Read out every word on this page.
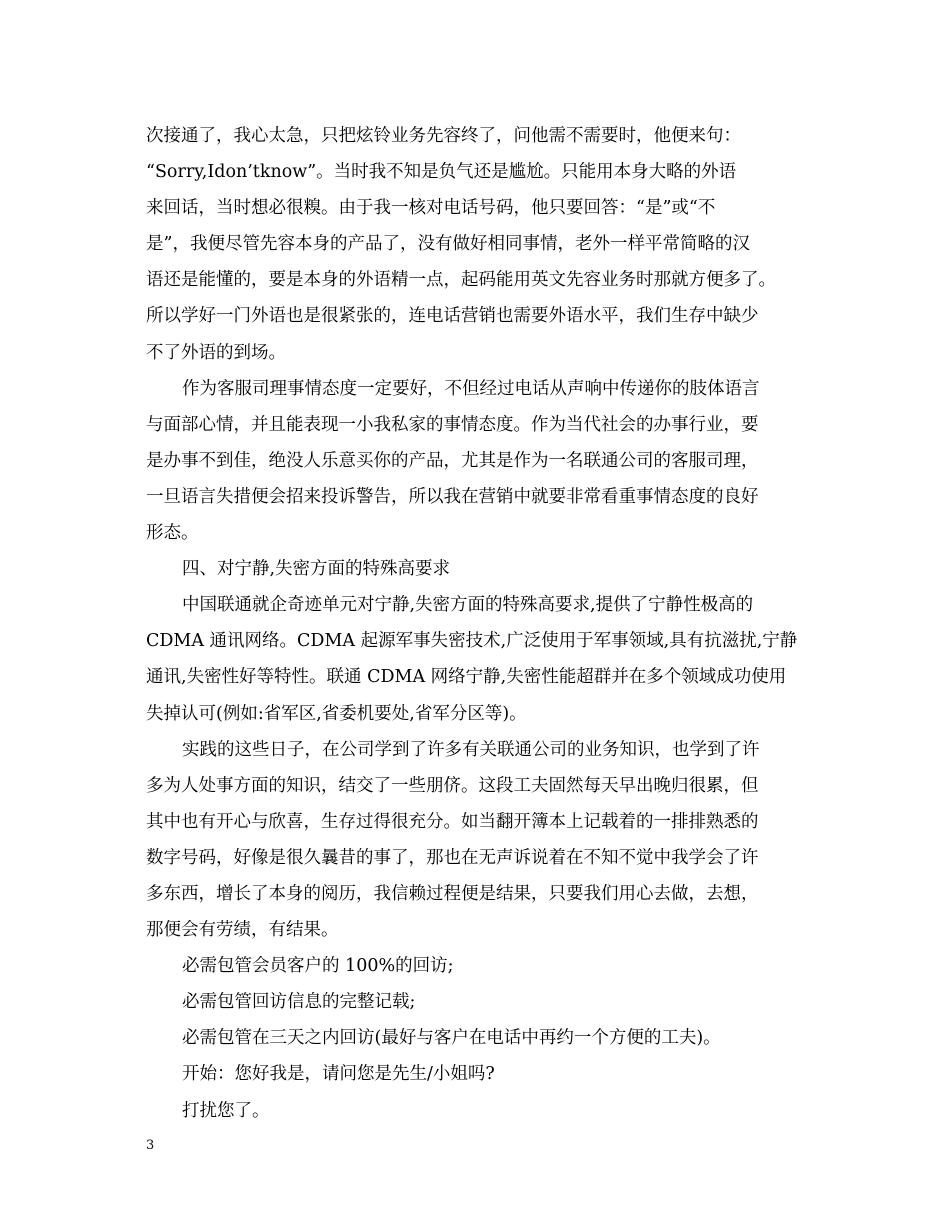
次接通了，我心太急，只把炫铃业务先容终了，问他需不需要时，他便来句：
“Sorry,Idon’tknow”。当时我不知是负气还是尴尬。只能用本身大略的外语
来回话，当时想必很糗。由于我一核对电话号码，他只要回答：“是”或“不
是”，我便尽管先容本身的产品了，没有做好相同事情，老外一样平常简略的汉
语还是能懂的，要是本身的外语精一点，起码能用英文先容业务时那就方便多了。
所以学好一门外语也是很紧张的，连电话营销也需要外语水平，我们生存中缺少
不了外语的到场。
作为客服司理事情态度一定要好，不但经过电话从声响中传递你的肢体语言
与面部心情，并且能表现一小我私家的事情态度。作为当代社会的办事行业，要
是办事不到佳，绝没人乐意买你的产品，尤其是作为一名联通公司的客服司理，
一旦语言失措便会招来投诉警告，所以我在营销中就要非常看重事情态度的良好
形态。
四、对宁静,失密方面的特殊高要求
中国联通就企奇迹单元对宁静,失密方面的特殊高要求,提供了宁静性极高的
CDMA 通讯网络。CDMA 起源军事失密技术,广泛使用于军事领域,具有抗滋扰,宁静
通讯,失密性好等特性。联通 CDMA 网络宁静,失密性能超群并在多个领域成功使用
失掉认可(例如:省军区,省委机要处,省军分区等)。
实践的这些日子，在公司学到了许多有关联通公司的业务知识，也学到了许
多为人处事方面的知识，结交了一些朋侪。这段工夫固然每天早出晚归很累，但
其中也有开心与欣喜，生存过得很充分。如当翻开簿本上记载着的一排排熟悉的
数字号码，好像是很久曩昔的事了，那也在无声诉说着在不知不觉中我学会了许
多东西，增长了本身的阅历，我信赖过程便是结果，只要我们用心去做，去想，
那便会有劳绩，有结果。
必需包管会员客户的 100%的回访;
必需包管回访信息的完整记载;
必需包管在三天之内回访(最好与客户在电话中再约一个方便的工夫)。
开始：您好我是，请问您是先生/小姐吗?
打扰您了。
3
